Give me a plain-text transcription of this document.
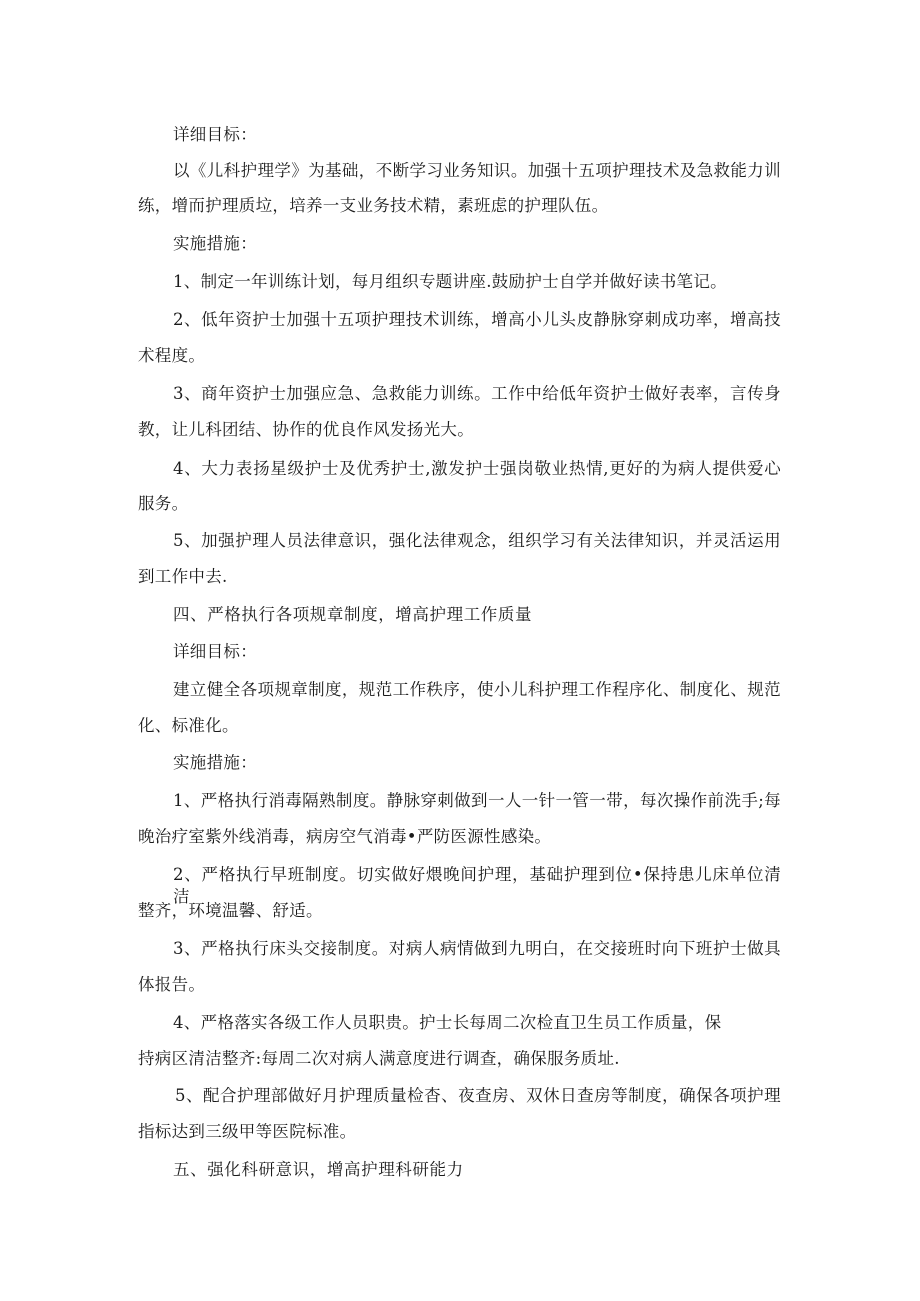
详细目标：
以《儿科护理学》为基础，不断学习业务知识。加强十五项护理技术及急救能力训
练，增而护理质垃，培养一支业务技术精，素班虑的护理队伍。
实施措施：
1、制定一年训练计划，每月组织专题讲座.鼓励护士自学并做好读书笔记。
2、低年资护士加强十五项护理技术训练，增高小儿头皮静脉穿刺成功率，增高技
术程度。
3、商年资护士加强应急、急救能力训练。工作中给低年资护士做好表率，言传身
教，让儿科团结、协作的优良作风发扬光大。
4、大力表扬星级护士及优秀护士,激发护士强岗敬业热情,更好的为病人提供爱心
服务。
5、加强护理人员法律意识，强化法律观念，组织学习有关法律知识，并灵活运用
到工作中去.
四、严格执行各项规章制度，增高护理工作质量
详细目标：
建立健全各项规章制度，规范工作秩序，使小儿科护理工作程序化、制度化、规范
化、标准化。
实施措施：
1、严格执行消毒隔熟制度。静脉穿刺做到一人一针一管一带，每次操作前洗手;每
晚治疗室紫外线消毒，病房空气消毒•严防医源性感染。
2、严格执行早班制度。切实做好煨晚间护理，基础护理到位•保持患儿床单位清洁
整齐，环境温馨、舒适。
3、严格执行床头交接制度。对病人病情做到九明白，在交接班时向下班护士做具
体报告。
4、严格落实各级工作人员职贵。护士长每周二次检直卫生员工作质量，保
持病区清洁整齐:每周二次对病人满意度进行调查，确保服务质址.
5、配合护理部做好月护理质量检杳、夜查房、双休日查房等制度，确保各项护理
指标达到三级甲等医院标准。
五、强化科研意识，增高护理科研能力
